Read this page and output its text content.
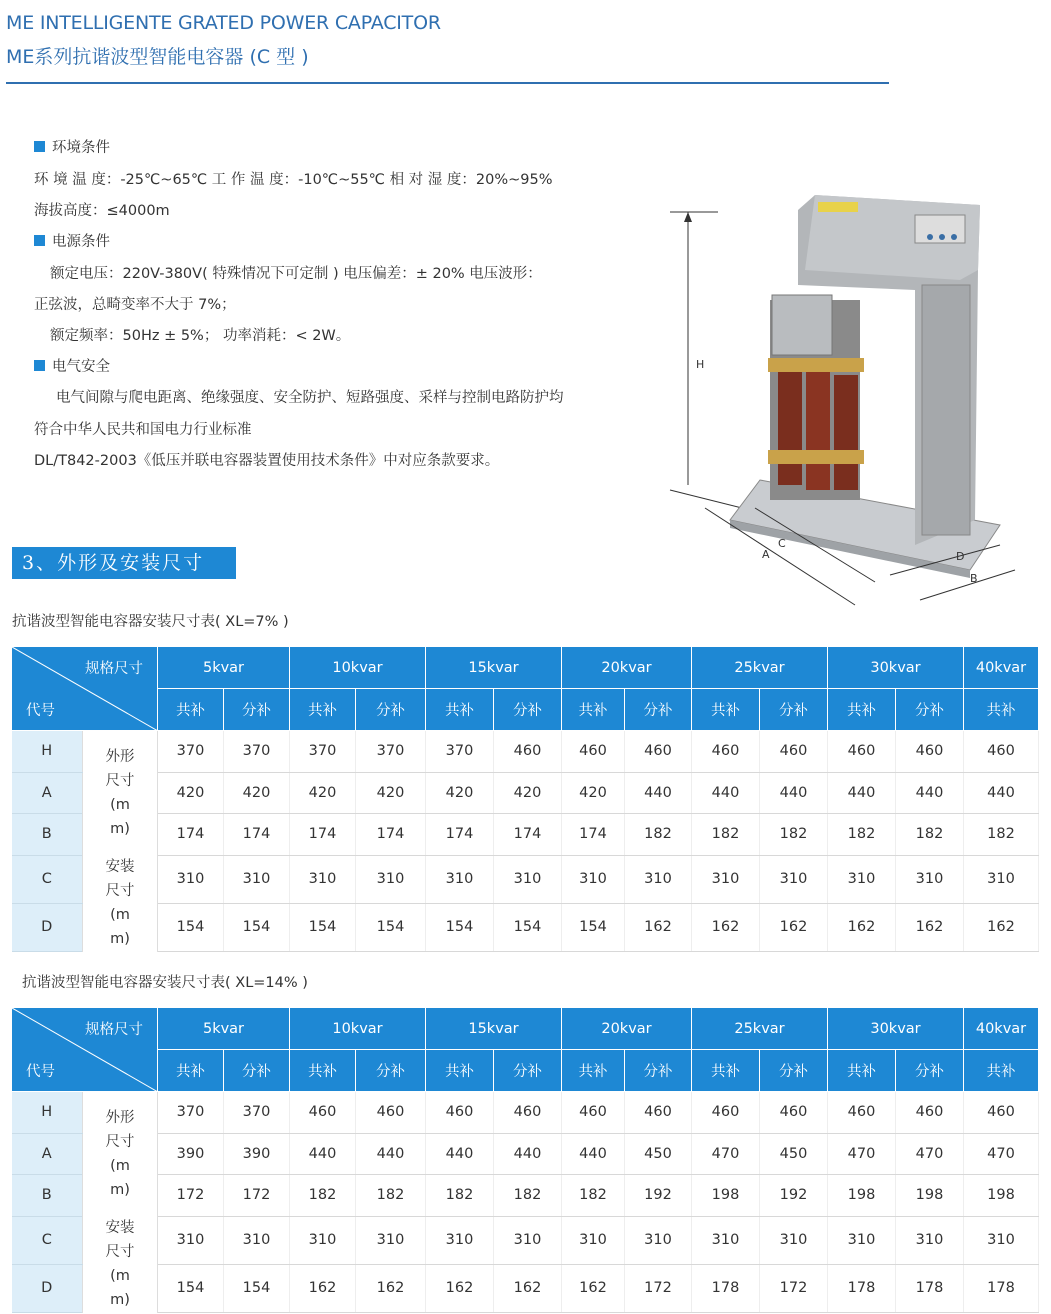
ME INTELLIGENTE GRATED POWER CAPACITOR
ME系列抗谐波型智能电容器 (C 型 )
环境条件
环 境 温 度：-25℃~65℃ 工 作 温 度：-10℃~55℃ 相 对 湿 度：20%~95%
海拔高度：≤4000m
电源条件
额定电压：220V-380V( 特殊情况下可定制 ) 电压偏差：± 20% 电压波形：
正弦波，总畸变率不大于 7%；
额定频率：50Hz ± 5%； 功率消耗：< 2W。
电气安全
电气间隙与爬电距离、绝缘强度、安全防护、短路强度、采样与控制电路防护均
符合中华人民共和国电力行业标准
DL/T842-2003《低压并联电容器装置使用技术条件》中对应条款要求。
H
A
C
D
B
3、外形及安装尺寸
抗谐波型智能电容器安装尺寸表( XL=7% )
规格尺寸
代号		5kvar		10kvar		15kvar		20kvar		25kvar		30kvar		40kvar
		共补	分补	共补	分补	共补	分补	共补	分补	共补	分补	共补	分补	共补
H	外形尺寸(mm)	370	370	370	370	370	460	460	460	460	460	460	460	460
A		420	420	420	420	420	420	420	440	440	440	440	440	440
B		174	174	174	174	174	174	174	182	182	182	182	182	182
C	安装尺寸(mm)	310	310	310	310	310	310	310	310	310	310	310	310	310
D		154	154	154	154	154	154	154	162	162	162	162	162	162
抗谐波型智能电容器安装尺寸表( XL=14% )
规格尺寸
代号		5kvar		10kvar		15kvar		20kvar		25kvar		30kvar		40kvar
		共补	分补	共补	分补	共补	分补	共补	分补	共补	分补	共补	分补	共补
H	外形尺寸(mm)	370	370	460	460	460	460	460	460	460	460	460	460	460
A		390	390	440	440	440	440	440	450	470	450	470	470	470
B		172	172	182	182	182	182	182	192	198	192	198	198	198
C	安装尺寸(mm)	310	310	310	310	310	310	310	310	310	310	310	310	310
D		154	154	162	162	162	162	162	172	178	172	178	178	178
